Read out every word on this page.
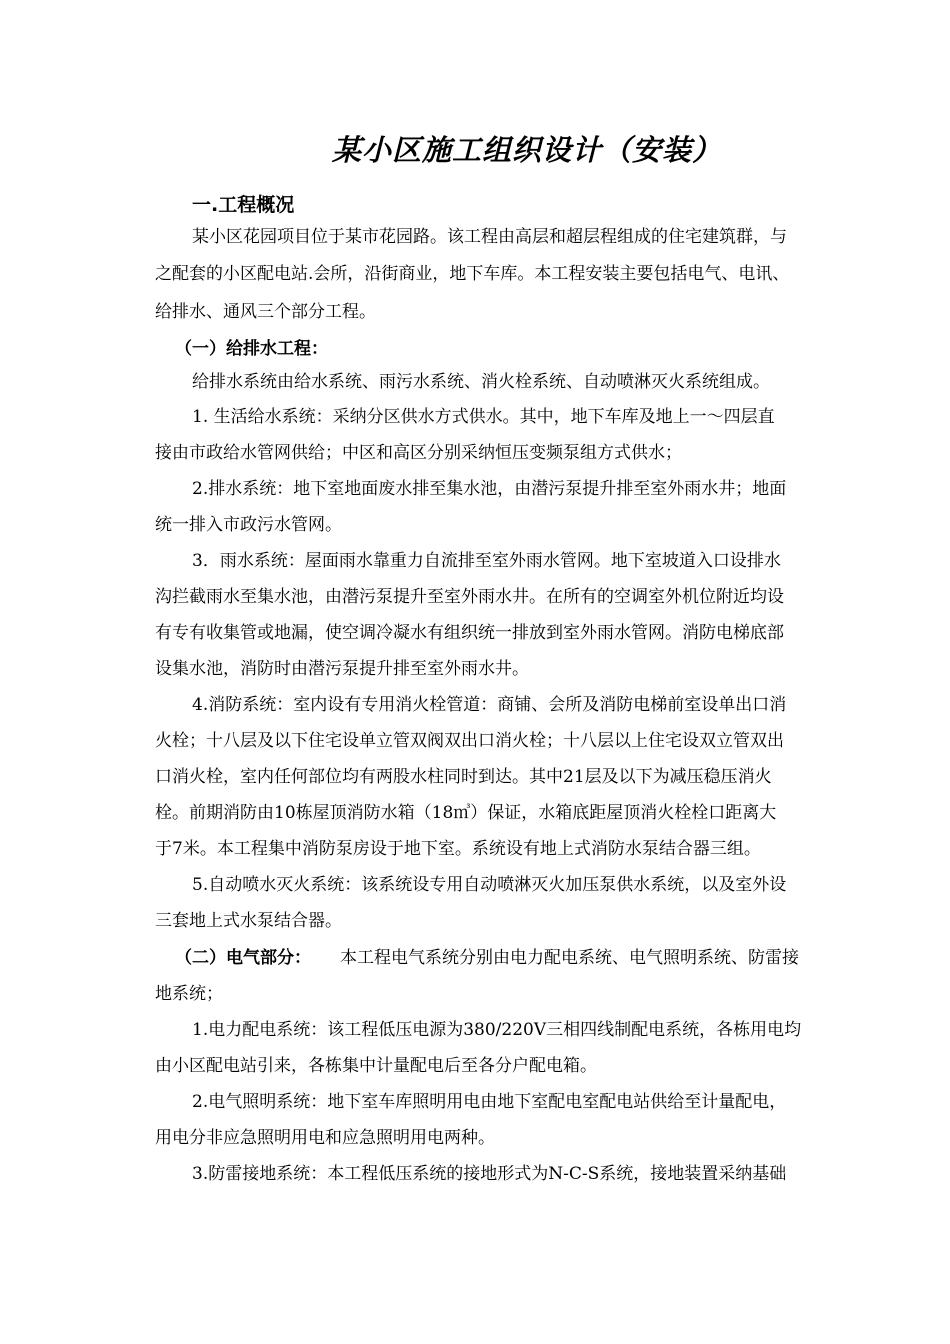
某小区施工组织设计（安装）
一.工程概况
某小区花园项目位于某市花园路。该工程由高层和超层程组成的住宅建筑群，与
之配套的小区配电站.会所，沿街商业，地下车库。本工程安装主要包括电气、电讯、
给排水、通风三个部分工程。
（一）给排水工程：
给排水系统由给水系统、雨污水系统、消火栓系统、自动喷淋灭火系统组成。
1. 生活给水系统：采纳分区供水方式供水。其中，地下车库及地上一～四层直
接由市政给水管网供给；中区和高区分别采纳恒压变频泵组方式供水；
2.排水系统：地下室地面废水排至集水池，由潜污泵提升排至室外雨水井；地面
统一排入市政污水管网。
3．雨水系统：屋面雨水靠重力自流排至室外雨水管网。地下室坡道入口设排水
沟拦截雨水至集水池，由潜污泵提升至室外雨水井。在所有的空调室外机位附近均设
有专有收集管或地漏，使空调冷凝水有组织统一排放到室外雨水管网。消防电梯底部
设集水池，消防时由潜污泵提升排至室外雨水井。
4.消防系统：室内设有专用消火栓管道：商铺、会所及消防电梯前室设单出口消
火栓；十八层及以下住宅设单立管双阀双出口消火栓；十八层以上住宅设双立管双出
口消火栓，室内任何部位均有两股水柱同时到达。其中21层及以下为减压稳压消火
栓。前期消防由10栋屋顶消防水箱（18㎥）保证，水箱底距屋顶消火栓栓口距离大
于7米。本工程集中消防泵房设于地下室。系统设有地上式消防水泵结合器三组。
5.自动喷水灭火系统：该系统设专用自动喷淋灭火加压泵供水系统，以及室外设
三套地上式水泵结合器。
（二）电气部分： 本工程电气系统分别由电力配电系统、电气照明系统、防雷接
地系统；
1.电力配电系统：该工程低压电源为380/220V三相四线制配电系统，各栋用电均
由小区配电站引来，各栋集中计量配电后至各分户配电箱。
2.电气照明系统：地下室车库照明用电由地下室配电室配电站供给至计量配电，
用电分非应急照明用电和应急照明用电两种。
3.防雷接地系统：本工程低压系统的接地形式为N-C-S系统，接地装置采纳基础
